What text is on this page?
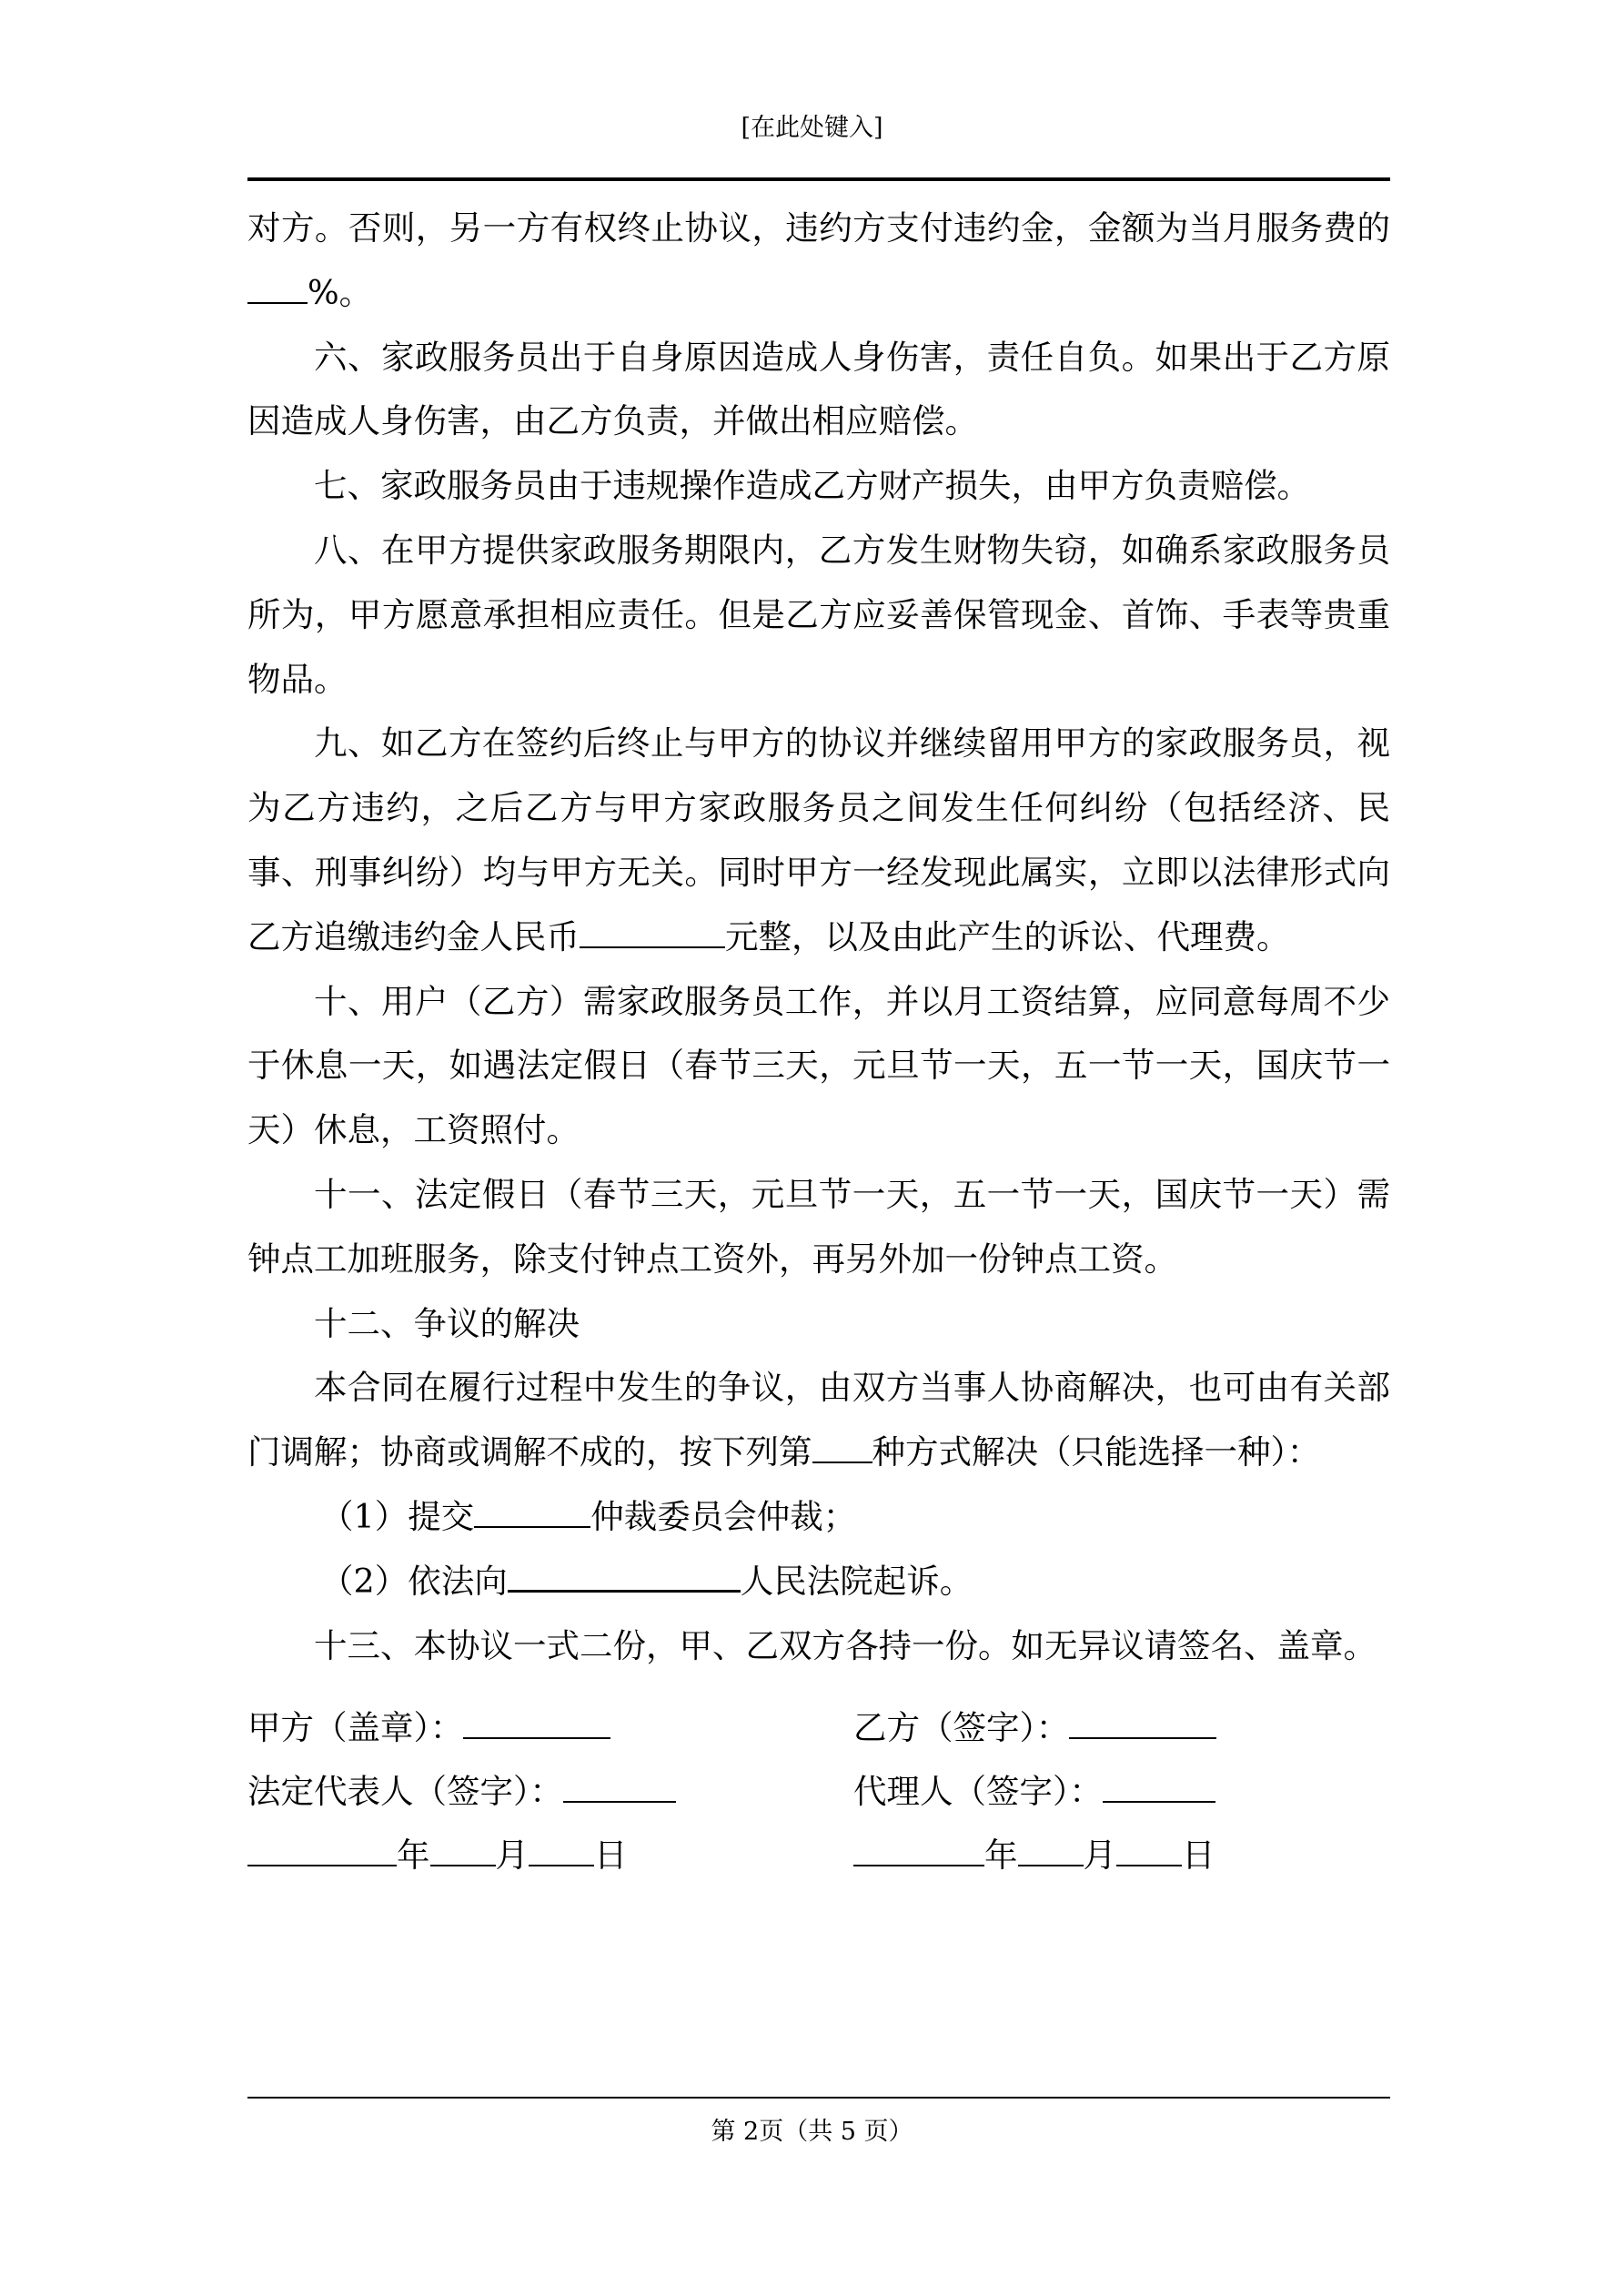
[在此处键入]

对方。否则，另一方有权终止协议，违约方支付违约金，金额为当月服务费的%。

六、家政服务员出于自身原因造成人身伤害，责任自负。如果出于乙方原因造成人身伤害，由乙方负责，并做出相应赔偿。

七、家政服务员由于违规操作造成乙方财产损失，由甲方负责赔偿。

八、在甲方提供家政服务期限内，乙方发生财物失窃，如确系家政服务员所为，甲方愿意承担相应责任。但是乙方应妥善保管现金、首饰、手表等贵重物品。

九、如乙方在签约后终止与甲方的协议并继续留用甲方的家政服务员，视为乙方违约，之后乙方与甲方家政服务员之间发生任何纠纷（包括经济、民事、刑事纠纷）均与甲方无关。同时甲方一经发现此属实，立即以法律形式向乙方追缴违约金人民币	元整，以及由此产生的诉讼、代理费。

十、用户（乙方）需家政服务员工作，并以月工资结算，应同意每周不少于休息一天，如遇法定假日（春节三天，元旦节一天，五一节一天，国庆节一天）休息，工资照付。

十一、法定假日（春节三天，元旦节一天，五一节一天，国庆节一天）需钟点工加班服务，除支付钟点工资外，再另外加一份钟点工资。

十二、争议的解决

本合同在履行过程中发生的争议，由双方当事人协商解决，也可由有关部门调解；协商或调解不成的，按下列第 种方式解决（只能选择一种）：

（1）提交	仲裁委员会仲裁；

（2）依法向	人民法院起诉。

十三、本协议一式二份，甲、乙双方各持一份。如无异议请签名、盖章。

甲方（盖章）：	乙方（签字）：
法定代表人（签字）：	代理人（签字）：
年 月 日	年 月 日
第 2页（共 5 页）
